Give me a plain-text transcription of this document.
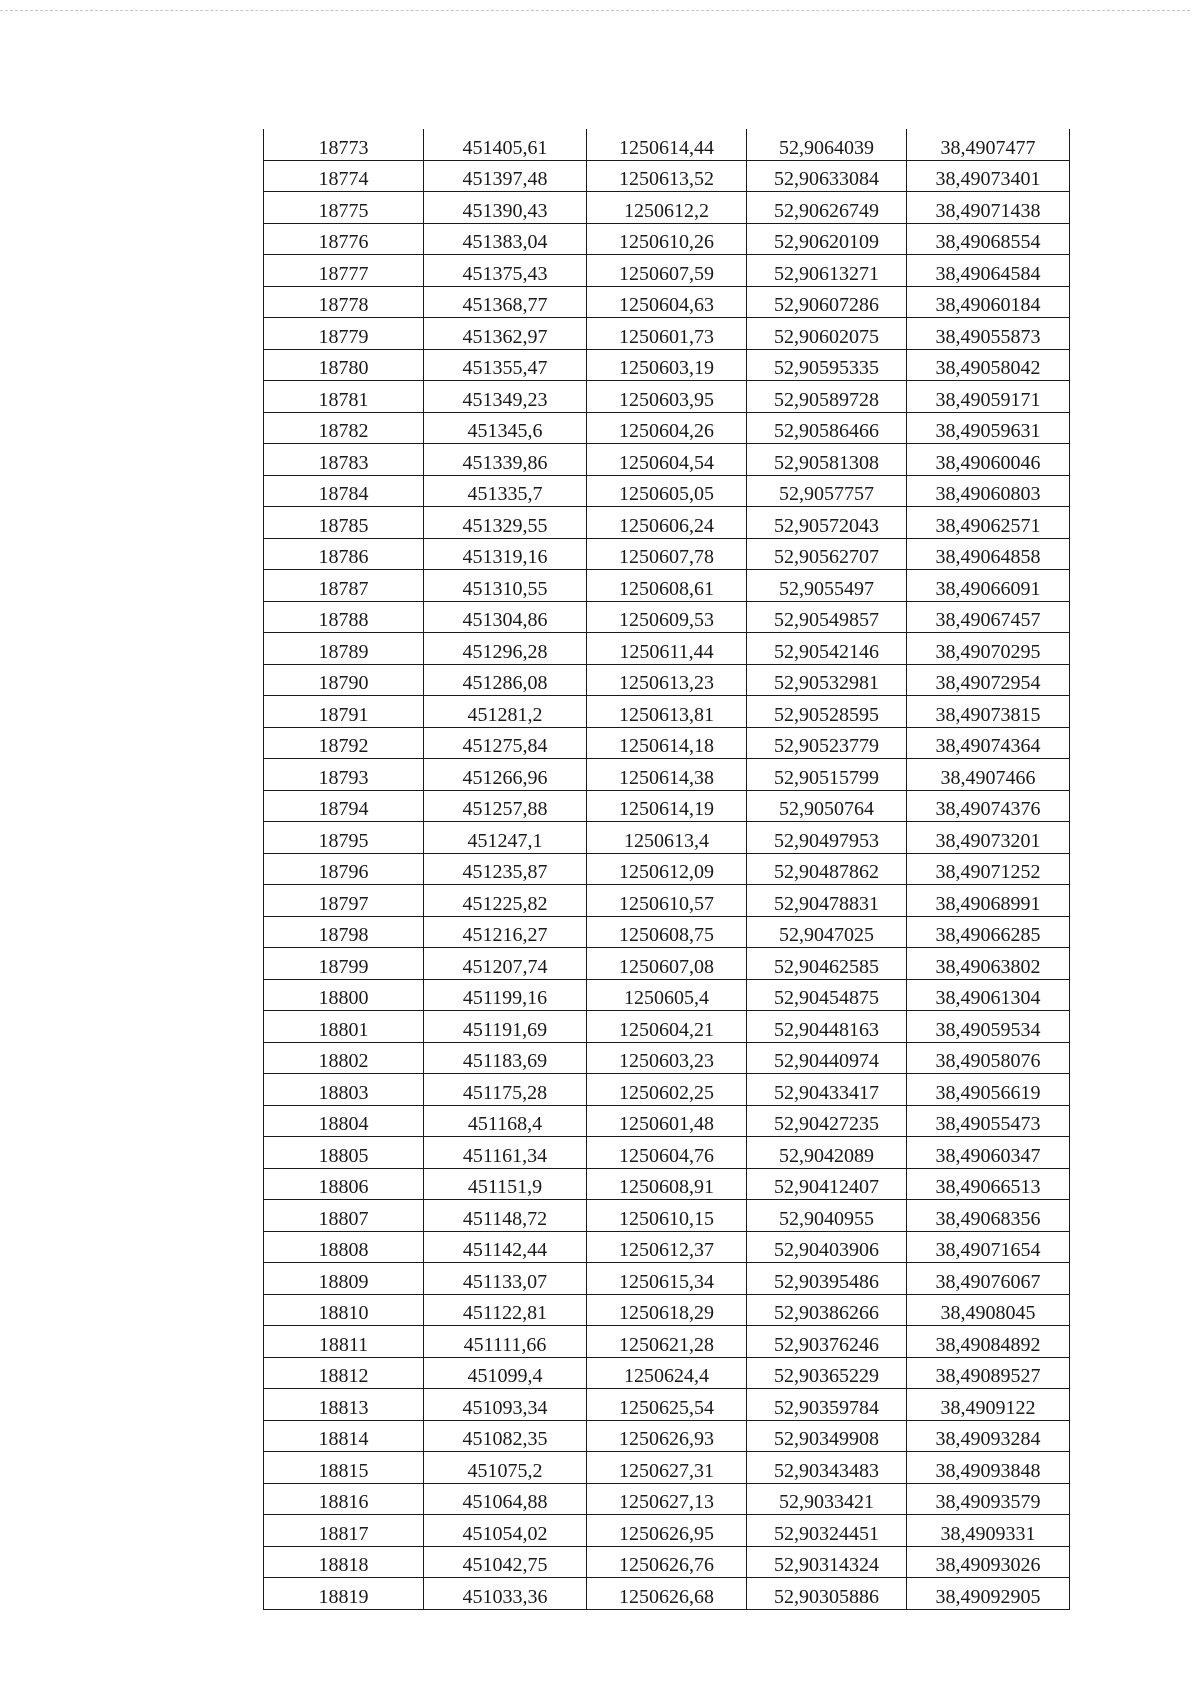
18773	451405,61	1250614,44	52,9064039	38,4907477
18774	451397,48	1250613,52	52,90633084	38,49073401
18775	451390,43	1250612,2	52,90626749	38,49071438
18776	451383,04	1250610,26	52,90620109	38,49068554
18777	451375,43	1250607,59	52,90613271	38,49064584
18778	451368,77	1250604,63	52,90607286	38,49060184
18779	451362,97	1250601,73	52,90602075	38,49055873
18780	451355,47	1250603,19	52,90595335	38,49058042
18781	451349,23	1250603,95	52,90589728	38,49059171
18782	451345,6	1250604,26	52,90586466	38,49059631
18783	451339,86	1250604,54	52,90581308	38,49060046
18784	451335,7	1250605,05	52,9057757	38,49060803
18785	451329,55	1250606,24	52,90572043	38,49062571
18786	451319,16	1250607,78	52,90562707	38,49064858
18787	451310,55	1250608,61	52,9055497	38,49066091
18788	451304,86	1250609,53	52,90549857	38,49067457
18789	451296,28	1250611,44	52,90542146	38,49070295
18790	451286,08	1250613,23	52,90532981	38,49072954
18791	451281,2	1250613,81	52,90528595	38,49073815
18792	451275,84	1250614,18	52,90523779	38,49074364
18793	451266,96	1250614,38	52,90515799	38,4907466
18794	451257,88	1250614,19	52,9050764	38,49074376
18795	451247,1	1250613,4	52,90497953	38,49073201
18796	451235,87	1250612,09	52,90487862	38,49071252
18797	451225,82	1250610,57	52,90478831	38,49068991
18798	451216,27	1250608,75	52,9047025	38,49066285
18799	451207,74	1250607,08	52,90462585	38,49063802
18800	451199,16	1250605,4	52,90454875	38,49061304
18801	451191,69	1250604,21	52,90448163	38,49059534
18802	451183,69	1250603,23	52,90440974	38,49058076
18803	451175,28	1250602,25	52,90433417	38,49056619
18804	451168,4	1250601,48	52,90427235	38,49055473
18805	451161,34	1250604,76	52,9042089	38,49060347
18806	451151,9	1250608,91	52,90412407	38,49066513
18807	451148,72	1250610,15	52,9040955	38,49068356
18808	451142,44	1250612,37	52,90403906	38,49071654
18809	451133,07	1250615,34	52,90395486	38,49076067
18810	451122,81	1250618,29	52,90386266	38,4908045
18811	451111,66	1250621,28	52,90376246	38,49084892
18812	451099,4	1250624,4	52,90365229	38,49089527
18813	451093,34	1250625,54	52,90359784	38,4909122
18814	451082,35	1250626,93	52,90349908	38,49093284
18815	451075,2	1250627,31	52,90343483	38,49093848
18816	451064,88	1250627,13	52,9033421	38,49093579
18817	451054,02	1250626,95	52,90324451	38,4909331
18818	451042,75	1250626,76	52,90314324	38,49093026
18819	451033,36	1250626,68	52,90305886	38,49092905
